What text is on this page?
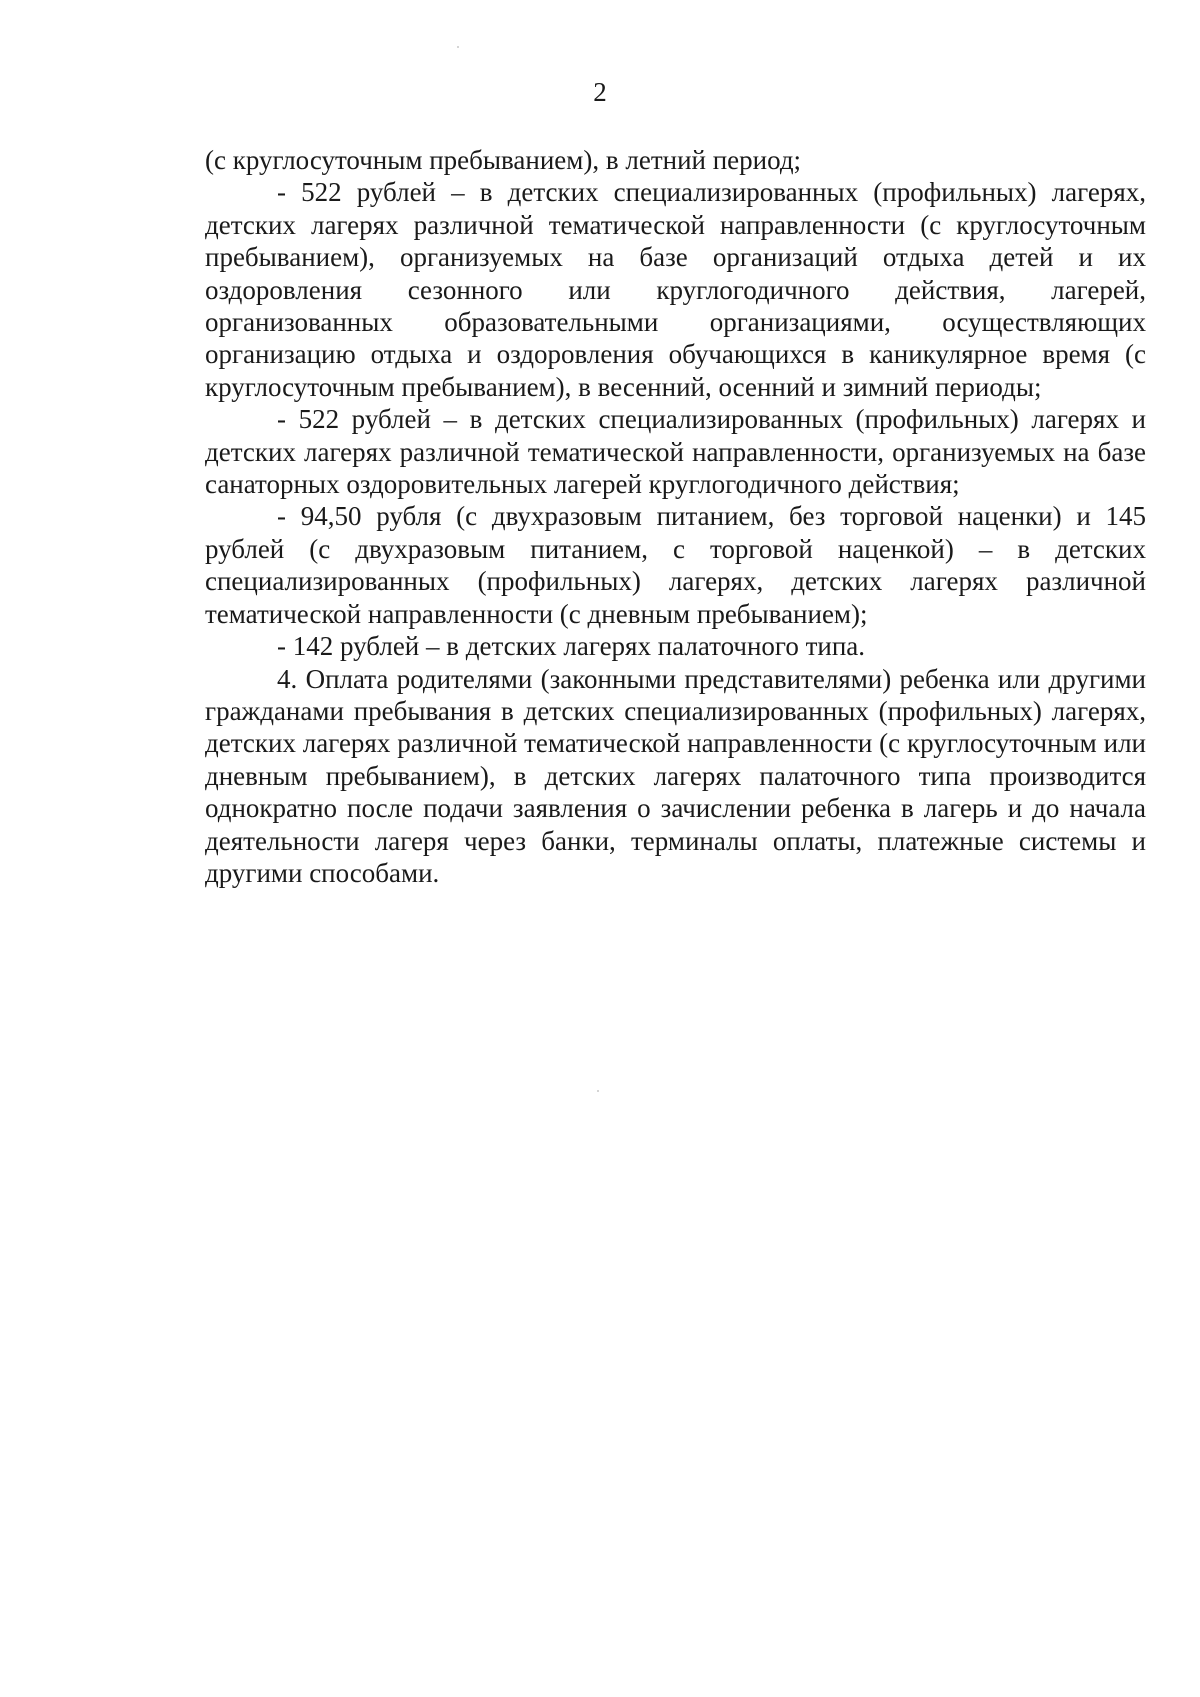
2

(с круглосуточным пребыванием), в летний период;

- 522 рублей – в детских специализированных (профильных) лагерях, детских лагерях различной тематической направленности (с круглосуточным пребыванием), организуемых на базе организаций отдыха детей и их оздоровления сезонного или круглогодичного действия, лагерей, организованных образовательными организациями, осуществляющих организацию отдыха и оздоровления обучающихся в каникулярное время (с круглосуточным пребыванием), в весенний, осенний и зимний периоды;

- 522 рублей – в детских специализированных (профильных) лагерях и детских лагерях различной тематической направленности, организуемых на базе санаторных оздоровительных лагерей круглогодичного действия;

- 94,50 рубля (с двухразовым питанием, без торговой наценки) и 145 рублей (с двухразовым питанием, с торговой наценкой) – в детских специализированных (профильных) лагерях, детских лагерях различной тематической направленности (с дневным пребыванием);

- 142 рублей – в детских лагерях палаточного типа.

4. Оплата родителями (законными представителями) ребенка или другими гражданами пребывания в детских специализированных (профильных) лагерях, детских лагерях различной тематической направленности (с круглосуточным или дневным пребыванием), в детских лагерях палаточного типа производится однократно после подачи заявления о зачислении ребенка в лагерь и до начала деятельности лагеря через банки, терминалы оплаты, платежные системы и другими способами.
